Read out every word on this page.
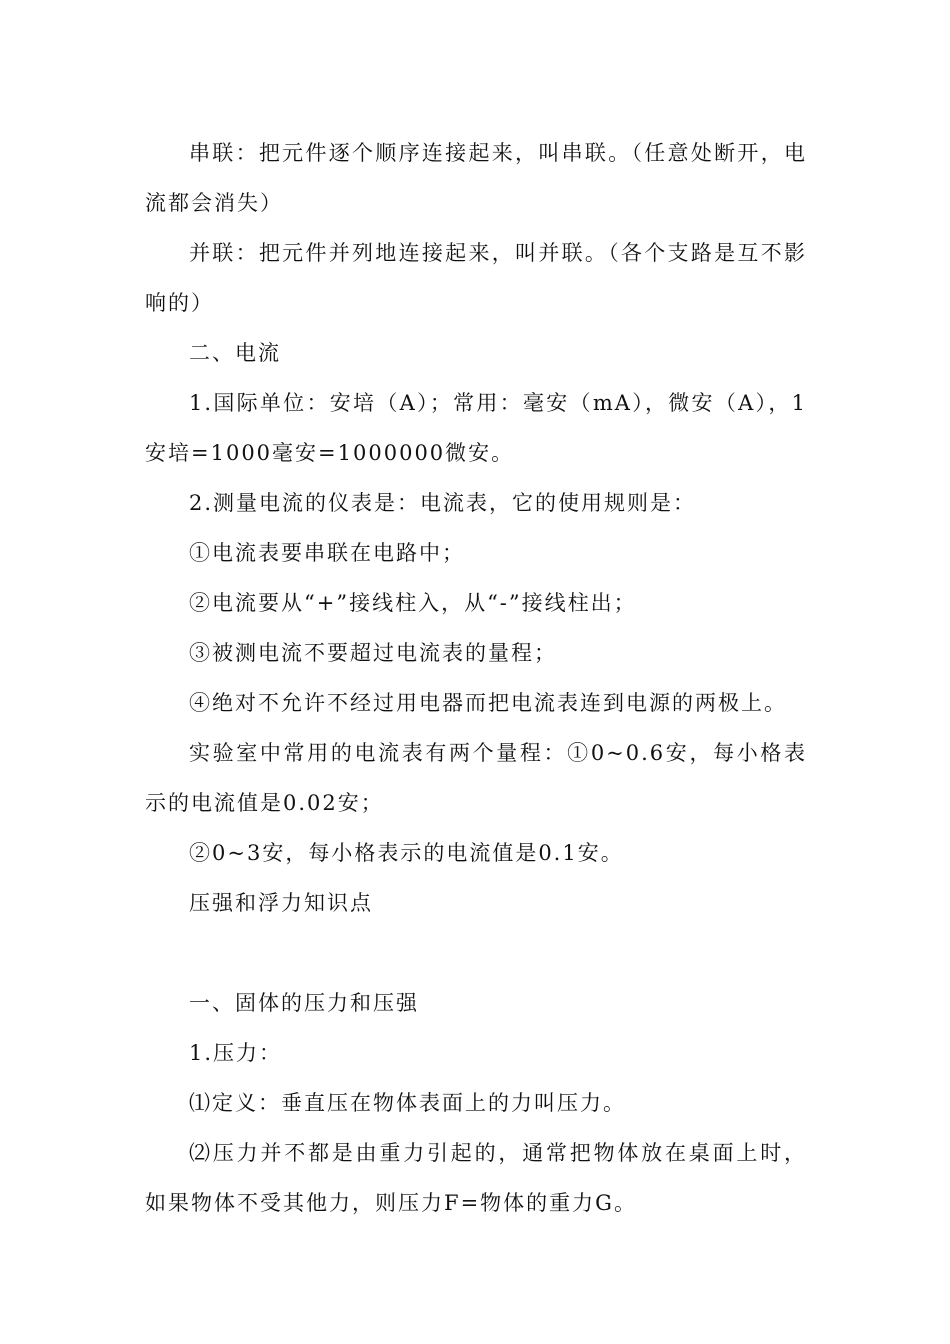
串联：把元件逐个顺序连接起来，叫串联。（任意处断开，电流都会消失）

并联：把元件并列地连接起来，叫并联。（各个支路是互不影响的）

二、电流

1.国际单位：安培（A）；常用：毫安（mA），微安（A），1安培=1000毫安=1000000微安。

2.测量电流的仪表是：电流表，它的使用规则是：

①电流表要串联在电路中；

②电流要从“+”接线柱入，从“-”接线柱出；

③被测电流不要超过电流表的量程；

④绝对不允许不经过用电器而把电流表连到电源的两极上。

实验室中常用的电流表有两个量程：①0~0.6安，每小格表示的电流值是0.02安；

②0~3安，每小格表示的电流值是0.1安。

压强和浮力知识点

一、固体的压力和压强

1.压力：

⑴定义：垂直压在物体表面上的力叫压力。

⑵压力并不都是由重力引起的，通常把物体放在桌面上时，如果物体不受其他力，则压力F=物体的重力G。
